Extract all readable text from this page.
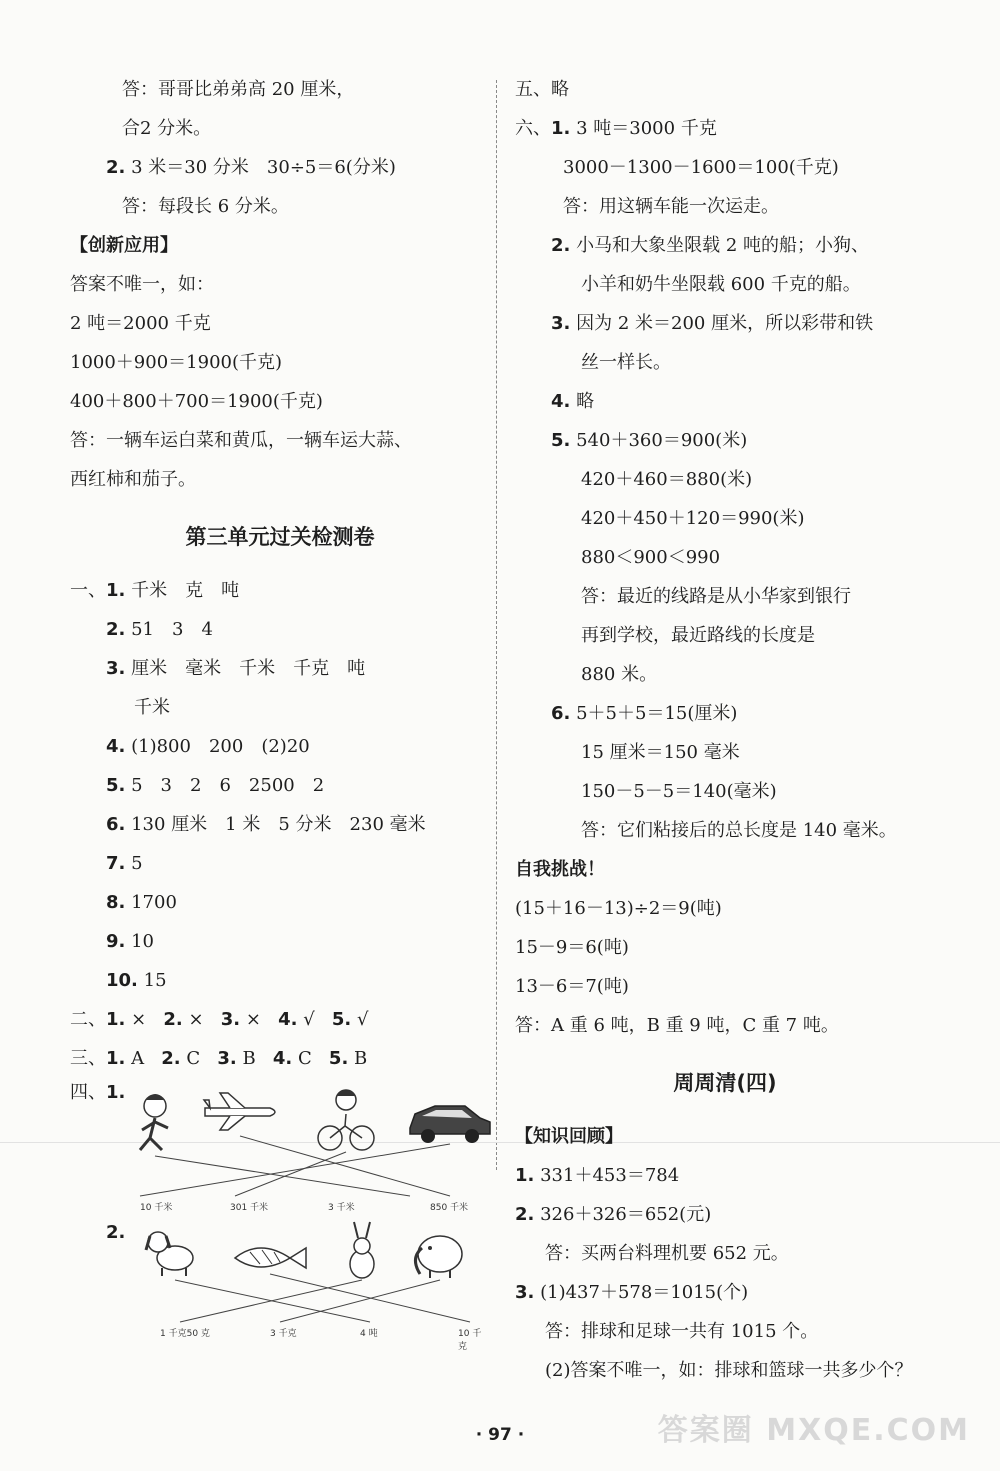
答：哥哥比弟弟高 20 厘米，
合2 分米。
2. 3 米＝30 分米　30÷5＝6(分米)
答：每段长 6 分米。
【创新应用】
答案不唯一，如：
2 吨＝2000 千克
1000＋900＝1900(千克)
400＋800＋700＝1900(千克)
答：一辆车运白菜和黄瓜，一辆车运大蒜、
西红柿和茄子。
第三单元过关检测卷
一、1. 千米　克　吨
2. 51　3　4
3. 厘米　毫米　千米　千克　吨
千米
4. (1)800　200　(2)20
5. 5　3　2　6　2500　2
6. 130 厘米　1 米　5 分米　230 毫米
7. 5
8. 1700
9. 10
10. 15
二、1. × 2. × 3. × 4. √ 5. √
三、1. A 2. C 3. B 4. C 5. B
四、1.
10 千米	301 千米	3 千米	850 千米
2.
1 千克50 克	3 千克	4 吨	10 千克
五、略
六、1. 3 吨＝3000 千克
3000－1300－1600＝100(千克)
答：用这辆车能一次运走。
2. 小马和大象坐限载 2 吨的船；小狗、
小羊和奶牛坐限载 600 千克的船。
3. 因为 2 米＝200 厘米，所以彩带和铁
丝一样长。
4. 略
5. 540＋360＝900(米)
420＋460＝880(米)
420＋450＋120＝990(米)
880＜900＜990
答：最近的线路是从小华家到银行
再到学校，最近路线的长度是
880 米。
6. 5＋5＋5＝15(厘米)
15 厘米＝150 毫米
150－5－5＝140(毫米)
答：它们粘接后的总长度是 140 毫米。
自我挑战！
(15＋16－13)÷2＝9(吨)
15－9＝6(吨)
13－6＝7(吨)
答：A 重 6 吨，B 重 9 吨，C 重 7 吨。
周周清(四)
【知识回顾】
1. 331＋453＝784
2. 326＋326＝652(元)
答：买两台料理机要 652 元。
3. (1)437＋578＝1015(个)
答：排球和足球一共有 1015 个。
(2)答案不唯一，如：排球和篮球一共多少个？
· 97 ·	答案圈 MXQE.COM
